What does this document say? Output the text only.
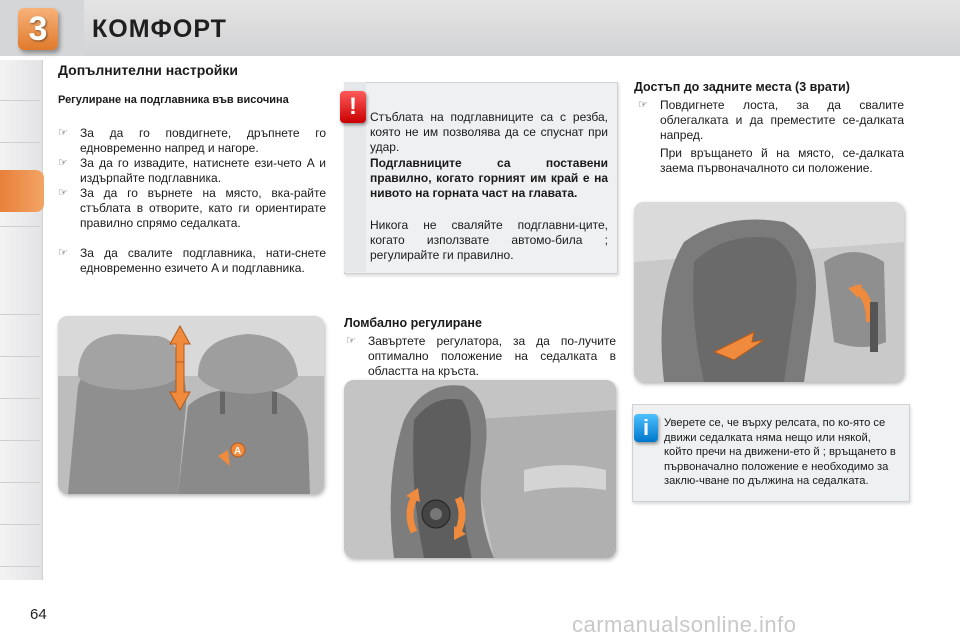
3	КОМФОРТ
Допълнителни настройки
Регулиране на подглавника във височина
☞ За да го повдигнете, дръпнете го едновременно напред и нагоре.
☞ За да го извадите, натиснете ези-чето A и издърпайте подглавника.
☞ За да го върнете на място, вка-райте стъблата в отворите, като ги ориентирате правилно спрямо седалката.
☞ За да свалите подглавника, нати-снете едновременно езичето A и подглавника.
A
!	Стъблата на подглавниците са с резба, която не им позволява да се спуснат при удар.
Подглавниците са поставени правилно, когато горният им край е на нивото на горната част на главата.
Никога не сваляйте подглавни-ците, когато използвате автомо-била ; регулирайте ги правилно.
Ломбално регулиране
☞ Завъртете регулатора, за да по-лучите оптимално положение на седалката в областта на кръста.
Достъп до задните места (3 врати)
☞ Повдигнете лоста, за да свалите облегалката и да преместите се-далката напред.
При връщането й на място, се-далката заема първоначалното си положение.
i	Уверете се, че върху релсата, по ко-ято се движи седалката няма нещо или някой, който пречи на движени-ето й ; връщането в първоначално положение е необходимо за заклю-чване по дължина на седалката.
64	carmanualsonline.info
